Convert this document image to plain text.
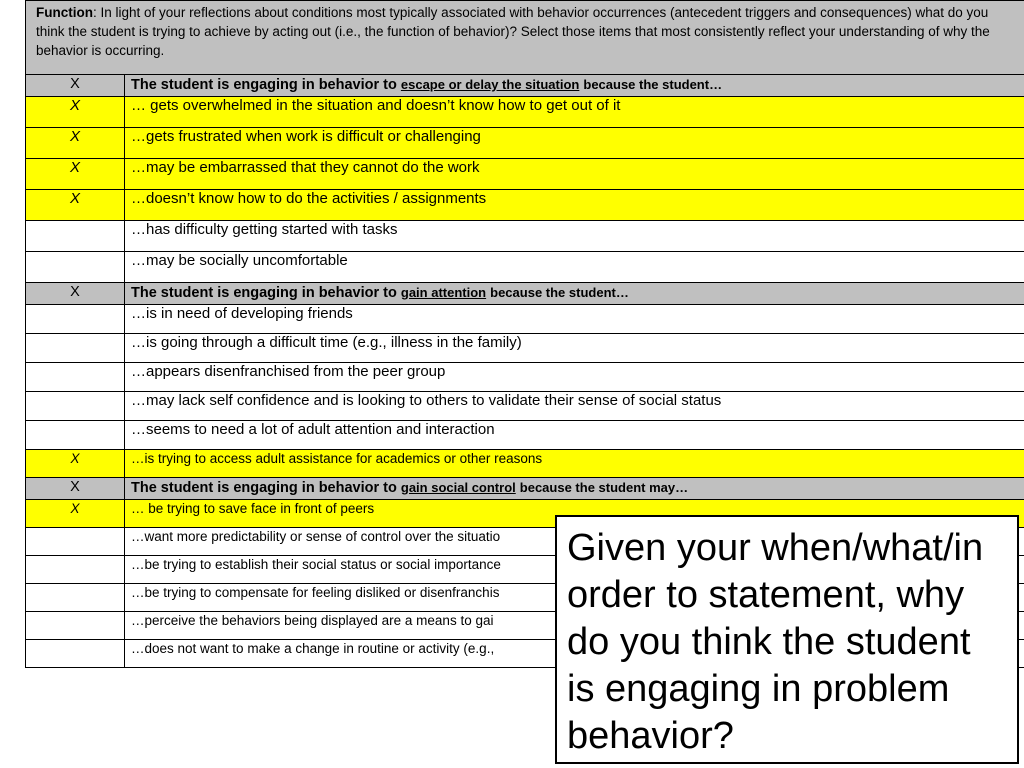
Function: In light of your reflections about conditions most typically associated with behavior occurrences (antecedent triggers and consequences) what do you think the student is trying to achieve by acting out (i.e., the function of behavior)? Select those items that most consistently reflect your understanding of why the behavior is occurring.	
X	The student is engaging in behavior to escape or delay the situation because the student…
X	… gets overwhelmed in the situation and doesn’t know how to get out of it
X	…gets frustrated when work is difficult or challenging
X	…may be embarrassed that they cannot do the work
X	…doesn’t know how to do the activities / assignments
	…has difficulty getting started with tasks
	…may be socially uncomfortable
X	The student is engaging in behavior to gain attention because the student…
	…is in need of developing friends
	…is going through a difficult time (e.g., illness in the family)
	…appears disenfranchised from the peer group
	…may lack self confidence and is looking to others to validate their sense of social status
	…seems to need a lot of adult attention and interaction
X	…is trying to access adult assistance for academics or other reasons
X	The student is engaging in behavior to gain social control because the student may…
X	… be trying to save face in front of peers
	…want more predictability or sense of control over the situatio
	…be trying to establish their social status or social importance
	…be trying to compensate for feeling disliked or disenfranchis
	…perceive the behaviors being displayed are a means to gai
	…does not want to make a change in routine or activity (e.g.,
Given your when/what/in order to statement, why do you think the student is engaging in problem behavior?
